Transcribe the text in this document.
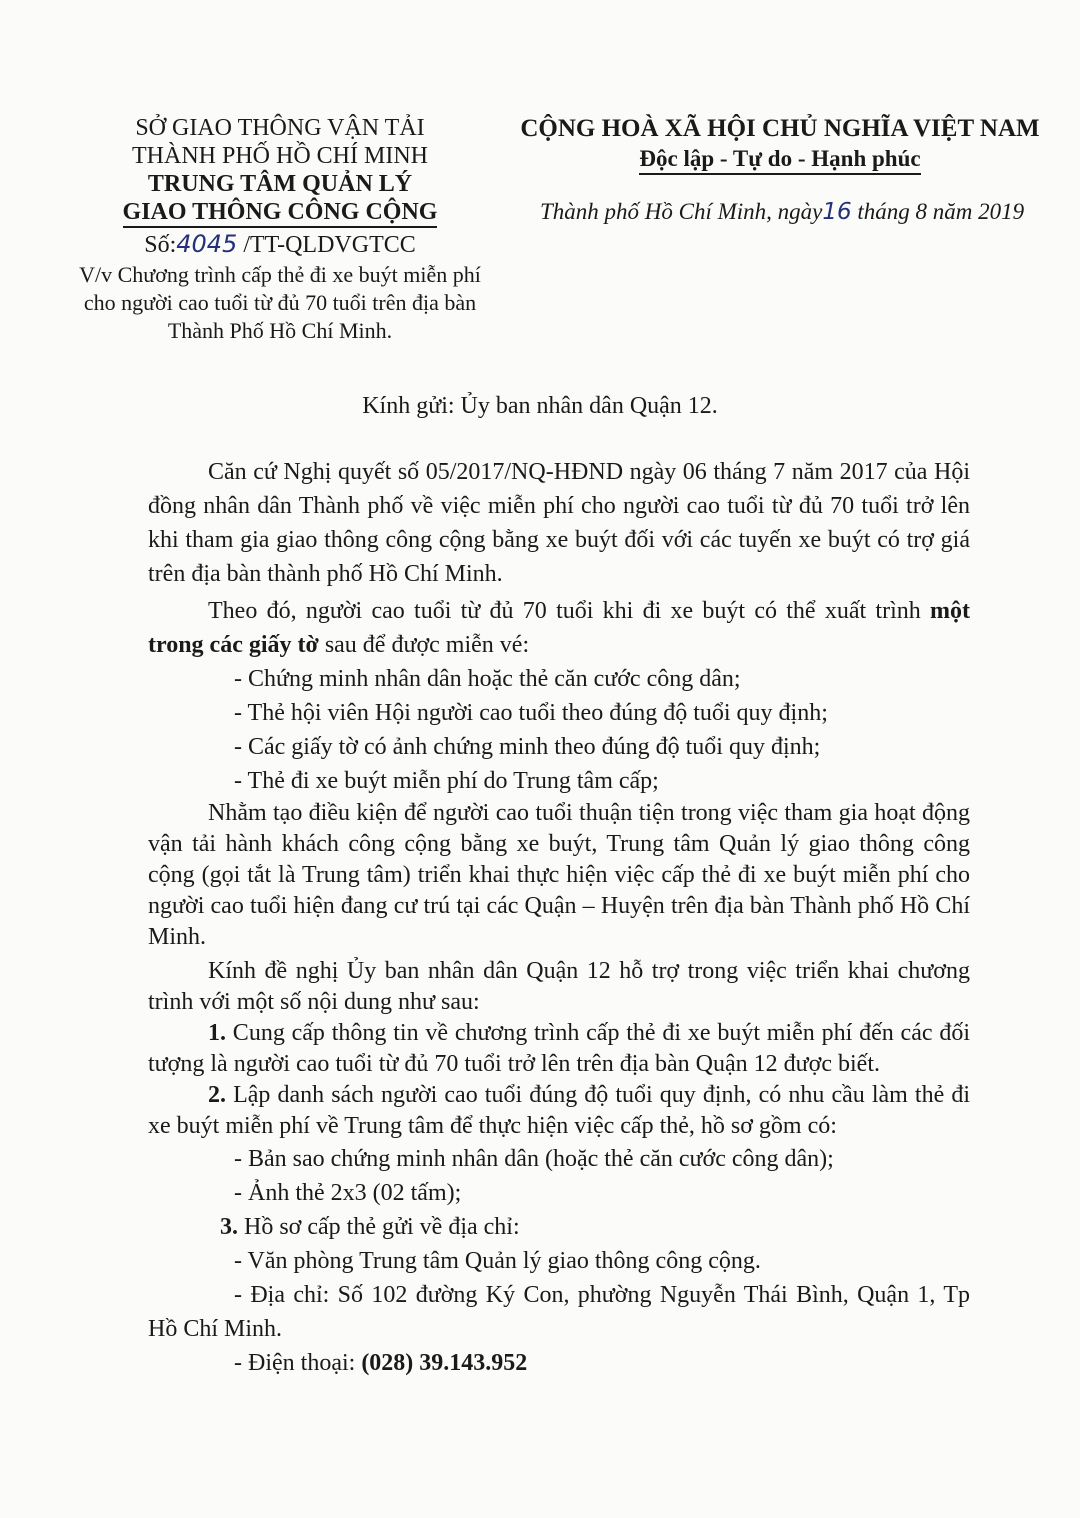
SỞ GIAO THÔNG VẬN TẢI
THÀNH PHỐ HỒ CHÍ MINH
TRUNG TÂM QUẢN LÝ
GIAO THÔNG CÔNG CỘNG
Số:4045 /TT-QLDVGTCC
V/v Chương trình cấp thẻ đi xe buýt miễn phí
cho người cao tuổi từ đủ 70 tuổi trên địa bàn
Thành Phố Hồ Chí Minh.
CỘNG HOÀ XÃ HỘI CHỦ NGHĨA VIỆT NAM
Độc lập - Tự do - Hạnh phúc
Thành phố Hồ Chí Minh, ngày16 tháng 8 năm 2019
Kính gửi: Ủy ban nhân dân Quận 12.

Căn cứ Nghị quyết số 05/2017/NQ-HĐND ngày 06 tháng 7 năm 2017 của Hội đồng nhân dân Thành phố về việc miễn phí cho người cao tuổi từ đủ 70 tuổi trở lên khi tham gia giao thông công cộng bằng xe buýt đối với các tuyến xe buýt có trợ giá trên địa bàn thành phố Hồ Chí Minh.

Theo đó, người cao tuổi từ đủ 70 tuổi khi đi xe buýt có thể xuất trình một trong các giấy tờ sau để được miễn vé:

- Chứng minh nhân dân hoặc thẻ căn cước công dân;
- Thẻ hội viên Hội người cao tuổi theo đúng độ tuổi quy định;
- Các giấy tờ có ảnh chứng minh theo đúng độ tuổi quy định;
- Thẻ đi xe buýt miễn phí do Trung tâm cấp;

Nhằm tạo điều kiện để người cao tuổi thuận tiện trong việc tham gia hoạt động vận tải hành khách công cộng bằng xe buýt, Trung tâm Quản lý giao thông công cộng (gọi tắt là Trung tâm) triển khai thực hiện việc cấp thẻ đi xe buýt miễn phí cho người cao tuổi hiện đang cư trú tại các Quận – Huyện trên địa bàn Thành phố Hồ Chí Minh.

Kính đề nghị Ủy ban nhân dân Quận 12 hỗ trợ trong việc triển khai chương trình với một số nội dung như sau:

1. Cung cấp thông tin về chương trình cấp thẻ đi xe buýt miễn phí đến các đối tượng là người cao tuổi từ đủ 70 tuổi trở lên trên địa bàn Quận 12 được biết.

2. Lập danh sách người cao tuổi đúng độ tuổi quy định, có nhu cầu làm thẻ đi xe buýt miễn phí về Trung tâm để thực hiện việc cấp thẻ, hồ sơ gồm có:

- Bản sao chứng minh nhân dân (hoặc thẻ căn cước công dân);
- Ảnh thẻ 2x3 (02 tấm);
3. Hồ sơ cấp thẻ gửi về địa chỉ:
- Văn phòng Trung tâm Quản lý giao thông công cộng.

- Địa chỉ: Số 102 đường Ký Con, phường Nguyễn Thái Bình, Quận 1, Tp Hồ Chí Minh.

- Điện thoại: (028) 39.143.952
